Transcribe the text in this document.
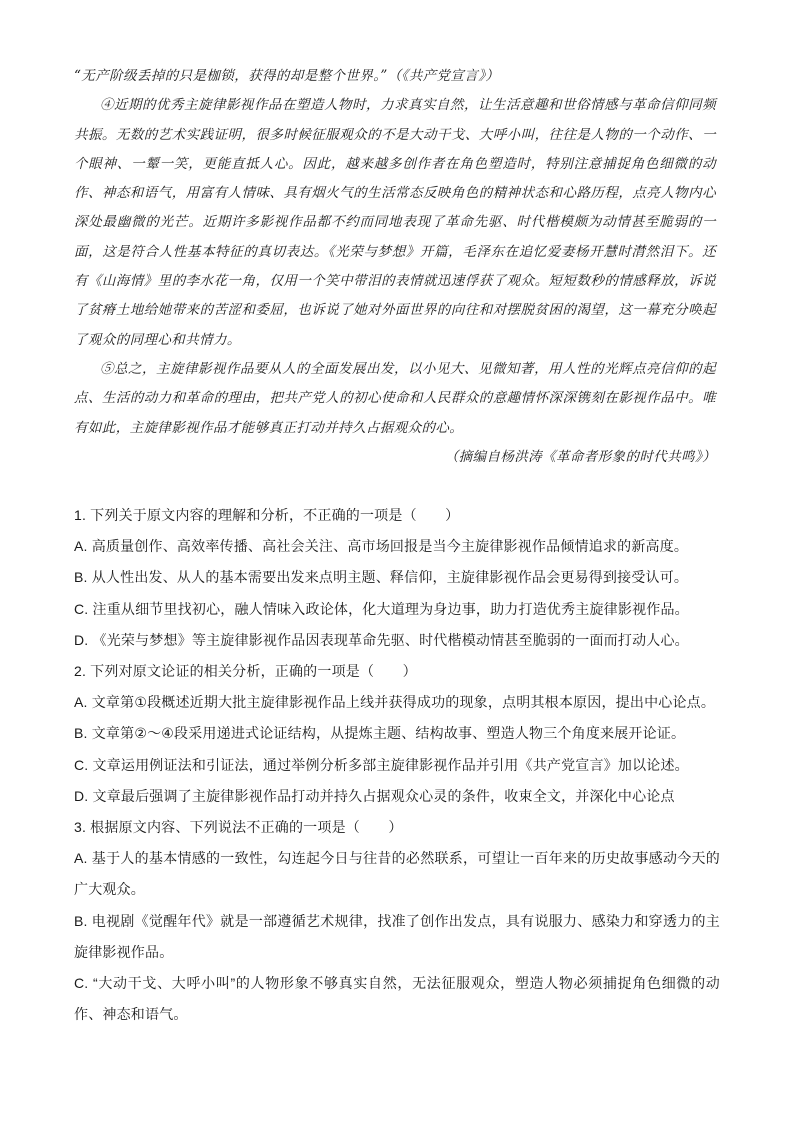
“无产阶级丢掉的只是枷锁，获得的却是整个世界。”（《共产党宣言》）

④近期的优秀主旋律影视作品在塑造人物时，力求真实自然，让生活意趣和世俗情感与革命信仰同频共振。无数的艺术实践证明，很多时候征服观众的不是大动干戈、大呼小叫，往往是人物的一个动作、一个眼神、一颦一笑，更能直抵人心。因此，越来越多创作者在角色塑造时，特别注意捕捉角色细微的动作、神态和语气，用富有人情味、具有烟火气的生活常态反映角色的精神状态和心路历程，点亮人物内心深处最幽微的光芒。近期许多影视作品都不约而同地表现了革命先驱、时代楷模颇为动情甚至脆弱的一面，这是符合人性基本特征的真切表达。《光荣与梦想》开篇，毛泽东在追忆爱妻杨开慧时潸然泪下。还有《山海情》里的李水花一角，仅用一个笑中带泪的表情就迅速俘获了观众。短短数秒的情感释放，诉说了贫瘠土地给她带来的苦涩和委屈，也诉说了她对外面世界的向往和对摆脱贫困的渴望，这一幕充分唤起了观众的同理心和共情力。

⑤总之，主旋律影视作品要从人的全面发展出发，以小见大、见微知著，用人性的光辉点亮信仰的起点、生活的动力和革命的理由，把共产党人的初心使命和人民群众的意趣情怀深深镌刻在影视作品中。唯有如此，主旋律影视作品才能够真正打动并持久占据观众的心。

（摘编自杨洪涛《革命者形象的时代共鸣》）

1. 下列关于原文内容的理解和分析，不正确的一项是（　　）
A. 高质量创作、高效率传播、高社会关注、高市场回报是当今主旋律影视作品倾情追求的新高度。
B. 从人性出发、从人的基本需要出发来点明主题、释信仰，主旋律影视作品会更易得到接受认可。
C. 注重从细节里找初心，融人情味入政论体，化大道理为身边事，助力打造优秀主旋律影视作品。
D. 《光荣与梦想》等主旋律影视作品因表现革命先驱、时代楷模动情甚至脆弱的一面而打动人心。
2. 下列对原文论证的相关分析，正确的一项是（　　）
A. 文章第①段概述近期大批主旋律影视作品上线并获得成功的现象，点明其根本原因，提出中心论点。
B. 文章第②～④段采用递进式论证结构，从提炼主题、结构故事、塑造人物三个角度来展开论证。
C. 文章运用例证法和引证法，通过举例分析多部主旋律影视作品并引用《共产党宣言》加以论述。
D. 文章最后强调了主旋律影视作品打动并持久占据观众心灵的条件，收束全文，并深化中心论点
3. 根据原文内容、下列说法不正确的一项是（　　）
A. 基于人的基本情感的一致性，勾连起今日与往昔的必然联系，可望让一百年来的历史故事感动今天的广大观众。
B. 电视剧《觉醒年代》就是一部遵循艺术规律，找准了创作出发点，具有说服力、感染力和穿透力的主旋律影视作品。
C. “大动干戈、大呼小叫”的人物形象不够真实自然，无法征服观众，塑造人物必须捕捉角色细微的动作、神态和语气。
